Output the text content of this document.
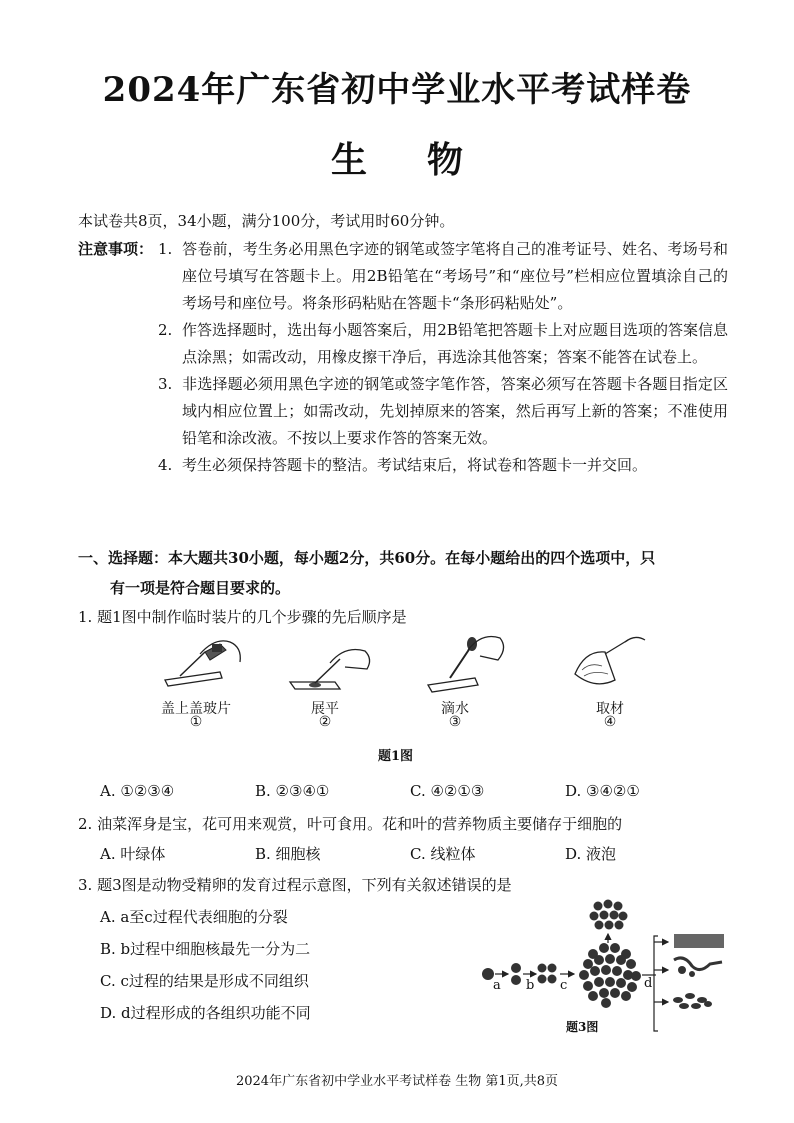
2024年广东省初中学业水平考试样卷
生物
本试卷共8页，34小题，满分100分，考试用时60分钟。
注意事项： 1. 答卷前，考生务必用黑色字迹的钢笔或签字笔将自己的准考证号、姓名、考场号和座位号填写在答题卡上。用2B铅笔在“考场号”和“座位号”栏相应位置填涂自己的考场号和座位号。将条形码粘贴在答题卡“条形码粘贴处”。
2. 作答选择题时，选出每小题答案后，用2B铅笔把答题卡上对应题目选项的答案信息点涂黑；如需改动，用橡皮擦干净后，再选涂其他答案；答案不能答在试卷上。
3. 非选择题必须用黑色字迹的钢笔或签字笔作答，答案必须写在答题卡各题目指定区域内相应位置上；如需改动，先划掉原来的答案，然后再写上新的答案；不准使用铅笔和涂改液。不按以上要求作答的答案无效。
4. 考生必须保持答题卡的整洁。考试结束后，将试卷和答题卡一并交回。
一、选择题：本大题共30小题，每小题2分，共60分。在每小题给出的四个选项中，只
有一项是符合题目要求的。
1. 题1图中制作临时装片的几个步骤的先后顺序是
盖上盖玻片
①
展平
②
滴水
③
取材
④
题1图
A. ①②③④	B. ②③④①	C. ④②①③	D. ③④②①
2. 油菜浑身是宝，花可用来观赏，叶可食用。花和叶的营养物质主要储存于细胞的
A. 叶绿体	B. 细胞核	C. 线粒体	D. 液泡
3. 题3图是动物受精卵的发育过程示意图，下列有关叙述错误的是
A. a至c过程代表细胞的分裂
B. b过程中细胞核最先一分为二
C. c过程的结果是形成不同组织
D. d过程形成的各组织功能不同
a b c	d
题3图
2024年广东省初中学业水平考试样卷 生物 第1页,共8页
